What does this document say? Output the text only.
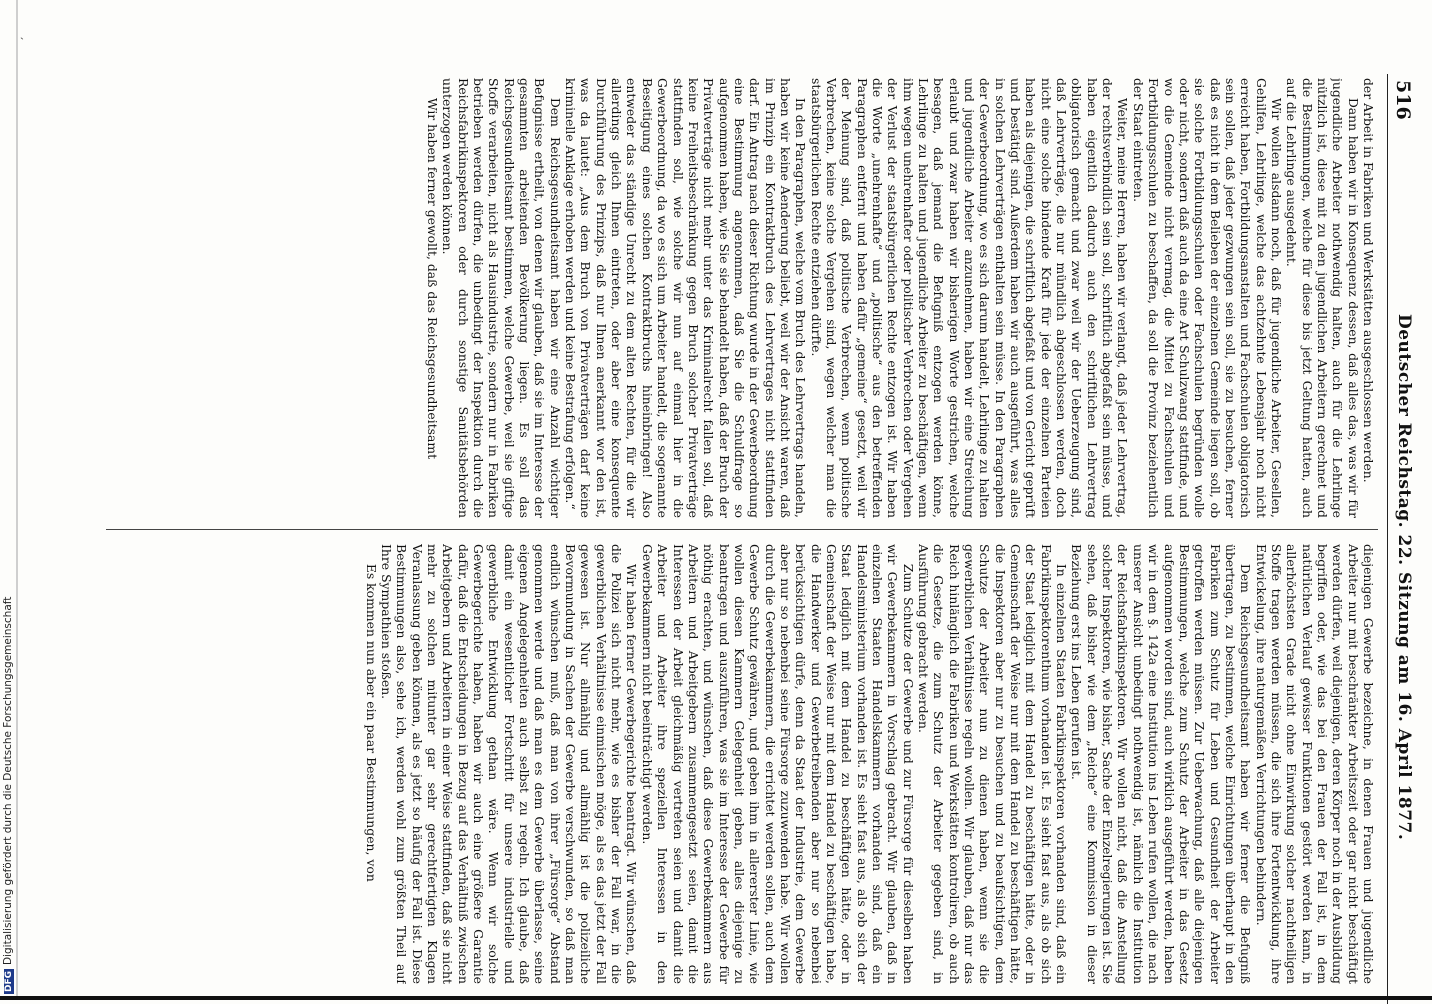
ˏ
516
Deutscher Reichstag. 22. Sitzung am 16. April 1877.

der Arbeit in Fabriken und Werkstätten ausgeschlossen werden.

Dann haben wir in Konsequenz dessen, daß alles das, was wir für jugendliche Arbeiter nothwendig halten, auch für die Lehrlinge nützlich ist, diese mit zu den jugendlichen Arbeitern gerechnet und die Bestimmungen, welche für diese bis jetzt Geltung hatten, auch auf die Lehrlinge ausgedehnt.

Wir wollen alsdann noch, daß für jugendliche Arbeiter, Gesellen, Gehilfen, Lehrlinge, welche das achtzehnte Lebensjahr noch nicht erreicht haben, Fortbildungsanstalten und Fachschulen obligatorisch sein sollen, daß jeder gezwungen sein soll, sie zu besuchen, ferner daß es nicht in dem Belieben der einzelnen Gemeinde liegen soll, ob sie solche Fortbildungsschulen oder Fachschulen begründen wolle oder nicht, sondern daß auch da eine Art Schulzwang stattfinde, und wo die Gemeinde nicht vermag, die Mittel zu Fachschulen und Fortbildungsschulen zu beschaffen, da soll die Provinz beziehentlich der Staat eintreten.

Weiter, meine Herren, haben wir verlangt, daß jeder Lehrvertrag, der rechtsverbindlich sein soll, schriftlich abgefaßt sein müsse, und haben eigentlich dadurch auch den schriftlichen Lehrvertrag obligatorisch gemacht und zwar weil wir der Ueberzeugung sind, daß Lehrverträge, die nur mündlich abgeschlossen werden, doch nicht eine solche bindende Kraft für jede der einzelnen Parteien haben als diejenigen, die schriftlich abgefaßt und von Gericht geprüft und bestätigt sind. Außerdem haben wir auch ausgeführt, was alles in solchen Lehrverträgen enthalten sein müsse. In den Paragraphen der Gewerbeordnung, wo es sich darum handelt, Lehrlinge zu halten und jugendliche Arbeiter anzunehmen, haben wir eine Streichung erlaubt und zwar haben wir bisherigen Worte gestrichen, welche besagen, daß jemand die Befugniß entzogen werden könne, Lehrlinge zu halten und jugendliche Arbeiter zu beschäftigen, wenn ihm wegen unehrenhafter oder politischer Verbrechen oder Vergehen der Verlust der staatsbürgerlichen Rechte entzogen ist. Wir haben die Worte „unehrenhafte“ und „politische“ aus den betreffenden Paragraphen entfernt und haben dafür „gemeine“ gesetzt, weil wir der Meinung sind, daß politische Verbrechen, wenn politische Verbrechen, keine solche Vergehen sind, wegen welcher man die staatsbürgerlichen Rechte entziehen dürfte.

In den Paragraphen, welche vom Bruch des Lehrvertrags handeln, haben wir keine Aenderung beliebt, weil wir der Ansicht waren, daß im Prinzip ein Kontraktbruch des Lehrvertrages nicht stattfinden darf. Ein Antrag nach dieser Richtung wurde in der Gewerbeordnung eine Bestimmung angenommen, daß Sie die Schuldfrage so aufgenommen haben, wie Sie sie behandelt haben, daß der Bruch der Privatverträge nicht mehr unter das Kriminalrecht fallen soll, daß keine Freiheitsbeschränkung gegen Bruch solcher Privatverträge stattfinden soll, wie solche wir nun auf einmal hier in die Gewerbeordnung, da wo es sich um Arbeiter handelt, die sogenannte Beseitigung eines solchen Kontraktbruchs hineinbringen! Also entweder das ständige Unrecht zu dem alten Rechten, für die wir allerdings gleich Ihnen eintreten, oder aber eine konsequente Durchführung des Prinzips, daß nur Ihnen anerkannt wor den ist, was da lautet: „Aus dem Bruch von Privatverträgen darf keine kriminelle Anklage erhoben werden und keine Bestrafung erfolgen.“

Dem Reichsgesundheitsamt haben wir eine Anzahl wichtiger Befugnisse ertheilt, von denen wir glauben, daß sie im Interesse der gesammten arbeitenden Bevölkerung liegen. Es soll das Reichsgesundheitsamt bestimmen, welche Gewerbe, weil sie giftige Stoffe verarbeiten, nicht als Hausindustrie, sondern nur in Fabriken betrieben werden dürfen, die unbedingt der Inspektion durch die Reichsfabrikinspektoren oder durch sonstige Sanitätsbehörden unterzogen werden können.

Wir haben ferner gewollt, daß das Reichsgesundheitsamt

diejenigen Gewerbe bezeichne, in denen Frauen und jugendliche Arbeiter nur mit beschränkter Arbeitszeit oder gar nicht beschäftigt werden dürfen, weil diejenigen, deren Körper noch in der Ausbildung begriffen oder, wie das bei den Frauen der Fall ist, in dem natürlichen Verlauf gewisser Funktionen gestört werden kann, in allerhöchsten Grade nicht ohne Einwirkung solcher nachtheiligen Stoffe tragen werden müssen, die sich ihre Fortentwicklung, ihre Entwickelung, ihre naturgemäßen Verrichtungen behindern.

Dem Reichsgesundheitsamt haben wir ferner die Befugniß übertragen, zu bestimmen, welche Einrichtungen überhaupt in den Fabriken zum Schutz für Leben und Gesundheit der Arbeiter getroffen werden müssen. Zur Ueberwachung, daß alle diejenigen Bestimmungen, welche zum Schutz der Arbeiter in das Gesetz aufgenommen worden sind, auch wirklich ausgeführt werden, haben wir in dem §. 142a eine Institution ins Leben rufen wollen, die nach unserer Ansicht unbedingt nothwendig ist, nämlich die Institution der Reichsfabrikinspektoren. Wir wollen nicht, daß die Anstellung solcher Inspektoren, wie bisher, Sache der Einzelregierungen ist. Sie sehen, daß bisher wie dem „Reiche“ eine Kommission in dieser Beziehung erst ins Leben gerufen ist.

In einzelnen Staaten Fabrikinspektoren vorhanden sind, daß ein Fabrikinspektorenthum vorhanden ist. Es sieht fast aus, als ob sich der Staat lediglich mit dem Handel zu beschäftigen hätte, oder in Gemeinschaft der Weise nur mit dem Handel zu beschäftigen hätte, die Inspektoren aber nur zu besuchen und zu beaufsichtigen, dem Schutze der Arbeiter nun zu dienen haben, wenn sie die gewerblichen Verhältnisse regeln wollen. Wir glauben, daß nur das Reich hinlänglich die Fabriken und Werkstätten kontroliren, ob auch die Gesetze, die zum Schutz der Arbeiter gegeben sind, in Ausführung gebracht werden.

Zum Schutze der Gewerbe und zur Fürsorge für dieselben haben wir Gewerbekammern in Vorschlag gebracht. Wir glauben, daß in einzelnen Staaten Handelskammern vorhanden sind, daß ein Handelsministerium vorhanden ist. Es sieht fast aus, als ob sich der Staat lediglich mit dem Handel zu beschäftigen hätte, oder in Gemeinschaft der Weise nur mit dem Handel zu beschäftigen habe, die Handwerker und Gewerbetreibenden aber nur so nebenbei berücksichtigen dürfe, denn da Staat der Industrie, dem Gewerbe aber nur so nebenbei seine Fürsorge zuzuwenden habe. Wir wollen durch die Gewerbekammern, die errichtet werden sollen, auch dem Gewerbe Schutz gewähren, und geben ihm in allererster Linie, wie wollen diesen Kammern Gelegenheit geben, alles diejenige zu beantragen und auszuführen, was sie im Interesse der Gewerbe für nöthig erachten, und wünschen, daß diese Gewerbekammern aus Arbeitern und Arbeitgebern zusammengesetzt seien, damit die Interessen der Arbeit gleichmäßig vertreten seien und damit die Arbeiter und Arbeiter ihre speziellen Interessen in den Gewerbekammern nicht beeinträchtigt werden.

Wir haben ferner Gewerbegerichte beantragt. Wir wünschen, daß die Polizei sich nicht mehr, wie es bisher der Fall war, in die gewerblichen Verhältnisse einmischen möge, als es das jetzt der Fall gewesen ist. Nur allmählig und allmählig ist die polizeiliche Bevormundung in Sachen der Gewerbe verschwunden, so daß man endlich wünschen muß, daß man von ihrer „Fürsorge“ Abstand genommen werde und daß man es dem Gewerbe überlasse, seine eigenen Angelegenheiten auch selbst zu regeln. Ich glaube, daß damit ein wesentlicher Fortschritt für unsere industrielle und gewerbliche Entwicklung gethan wäre. Wenn wir solche Gewerbegerichte haben, haben wir auch eine größere Garantie dafür, daß die Entscheidungen in Bezug auf das Verhältniß zwischen Arbeitgebern und Arbeitern in einer Weise stattfinden, daß sie nicht mehr zu solchen mitunter gar sehr gerechtfertigten Klagen Veranlassung geben können, als es jetzt so häufig der Fall ist. Diese Bestimmungen also, sehe ich, werden wohl zum größten Theil auf Ihre Sympathien stoßen.

Es kommen nun aber ein paar Bestimmungen, von

DFGDigitalisierung gefördert durch die Deutsche Forschungsgemeinschaft
